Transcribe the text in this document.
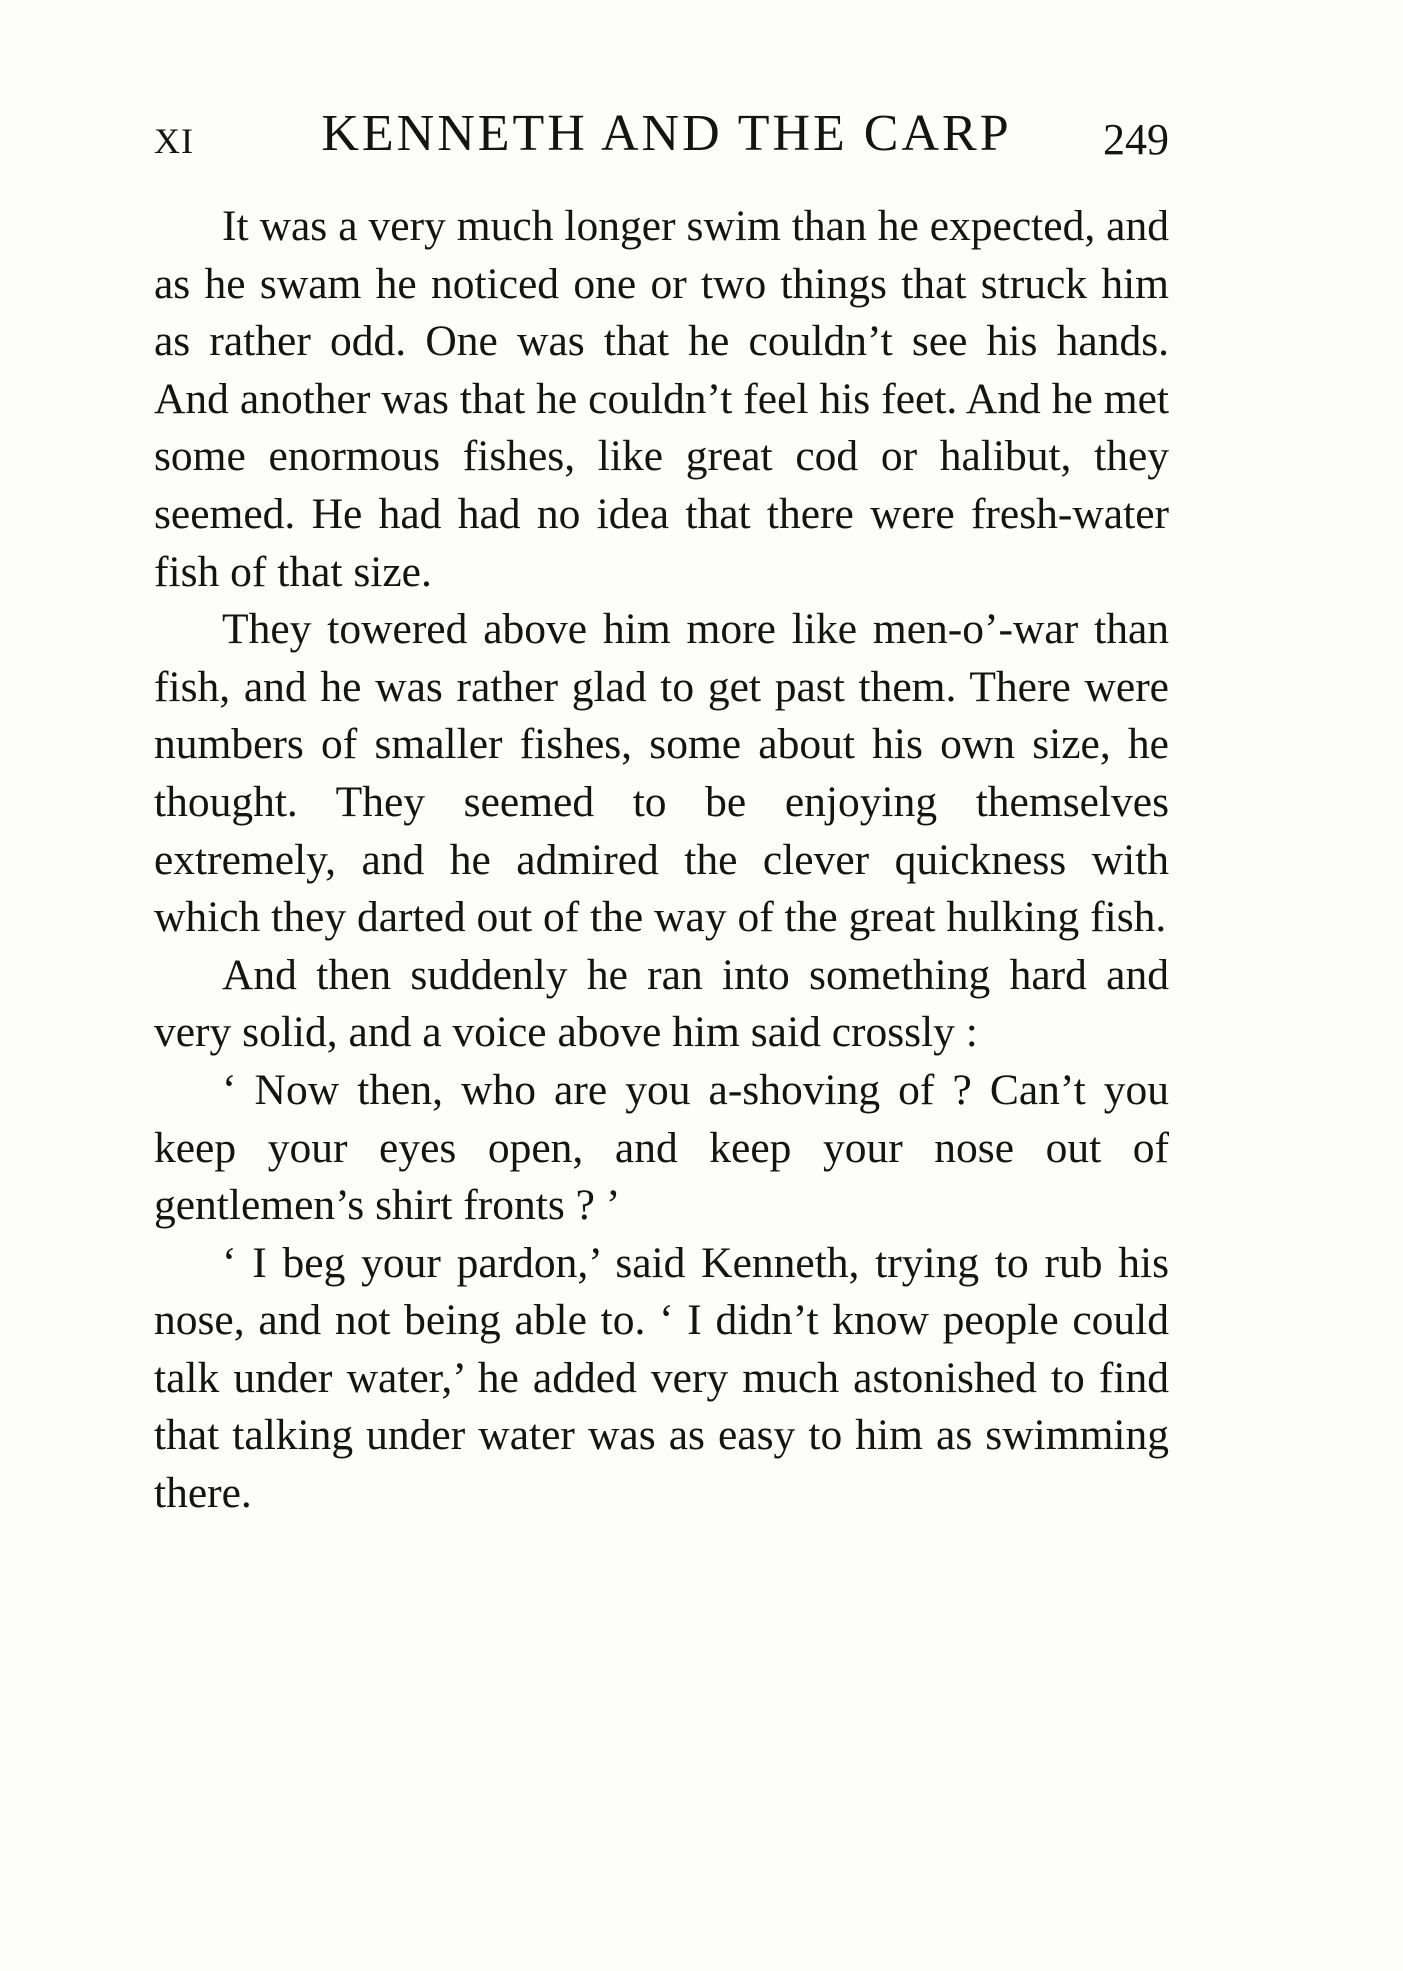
XI	KENNETH AND THE CARP	249

It was a very much longer swim than he expected, and as he swam he noticed one or two things that struck him as rather odd. One was that he couldn’t see his hands. And another was that he couldn’t feel his feet. And he met some enormous fishes, like great cod or halibut, they seemed. He had had no idea that there were fresh-water fish of that size.

They towered above him more like men-o’-war than fish, and he was rather glad to get past them. There were numbers of smaller fishes, some about his own size, he thought. They seemed to be enjoying themselves extremely, and he admired the clever quickness with which they darted out of the way of the great hulking fish.

And then suddenly he ran into something hard and very solid, and a voice above him said crossly :

‘ Now then, who are you a-shoving of ? Can’t you keep your eyes open, and keep your nose out of gentlemen’s shirt fronts ? ’

‘ I beg your pardon,’ said Kenneth, trying to rub his nose, and not being able to. ‘ I didn’t know people could talk under water,’ he added very much astonished to find that talking under water was as easy to him as swimming there.
